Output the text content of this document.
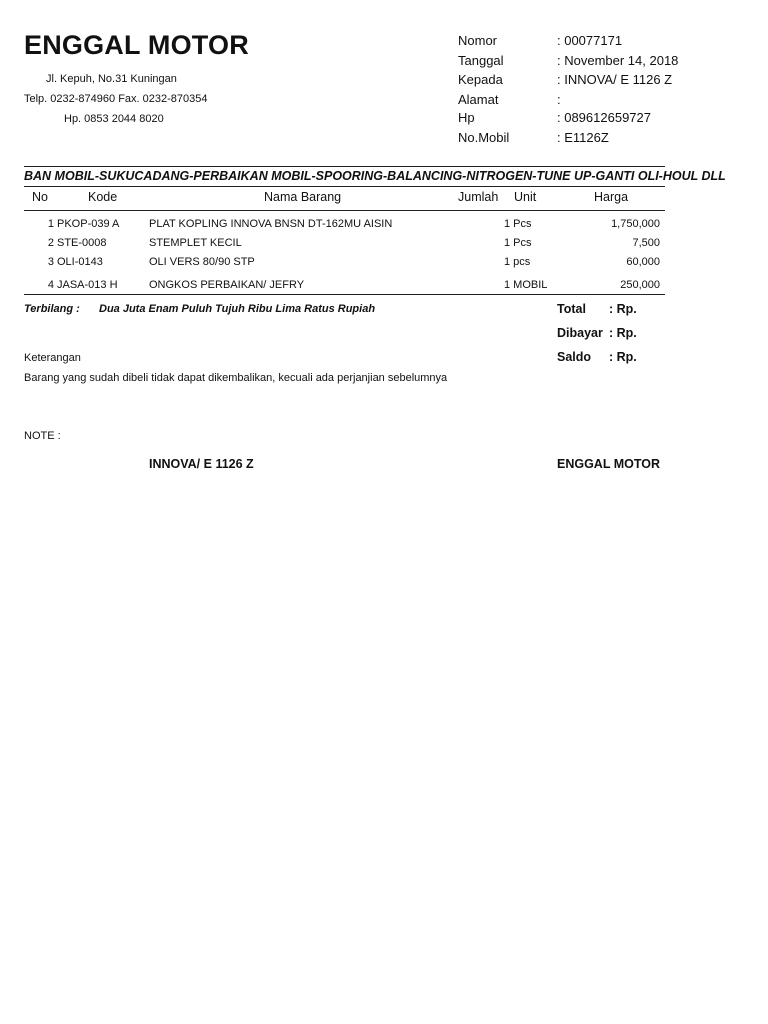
ENGGAL MOTOR
Jl. Kepuh, No.31 Kuningan
Telp. 0232-874960 Fax. 0232-870354
Hp. 0853 2044 8020
Nomor	: 00077171
Tanggal	: November 14, 2018
Kepada	: INNOVA/ E 1126 Z
Alamat	:
Hp	: 089612659727
No.Mobil	: E1126Z
BAN MOBIL-SUKUCADANG-PERBAIKAN MOBIL-SPOORING-BALANCING-NITROGEN-TUNE UP-GANTI OLI-HOUL DLL
No	Kode	Nama Barang	Jumlah Unit	Harga
1 PKOP-039 A	PLAT KOPLING INNOVA BNSN DT-162MU AISIN	1 Pcs	1,750,000
2 STE-0008	STEMPLET KECIL	1 Pcs	7,500
3 OLI-0143	OLI VERS 80/90 STP	1 pcs	60,000
4 JASA-013 H	ONGKOS PERBAIKAN/ JEFRY	1 MOBIL	250,000
Terbilang : Dua Juta Enam Puluh Tujuh Ribu Lima Ratus Rupiah	Total : Rp.
Dibayar : Rp.
Saldo : Rp.
Keterangan
Barang yang sudah dibeli tidak dapat dikembalikan, kecuali ada perjanjian sebelumnya
NOTE :
INNOVA/ E 1126 Z	ENGGAL MOTOR
